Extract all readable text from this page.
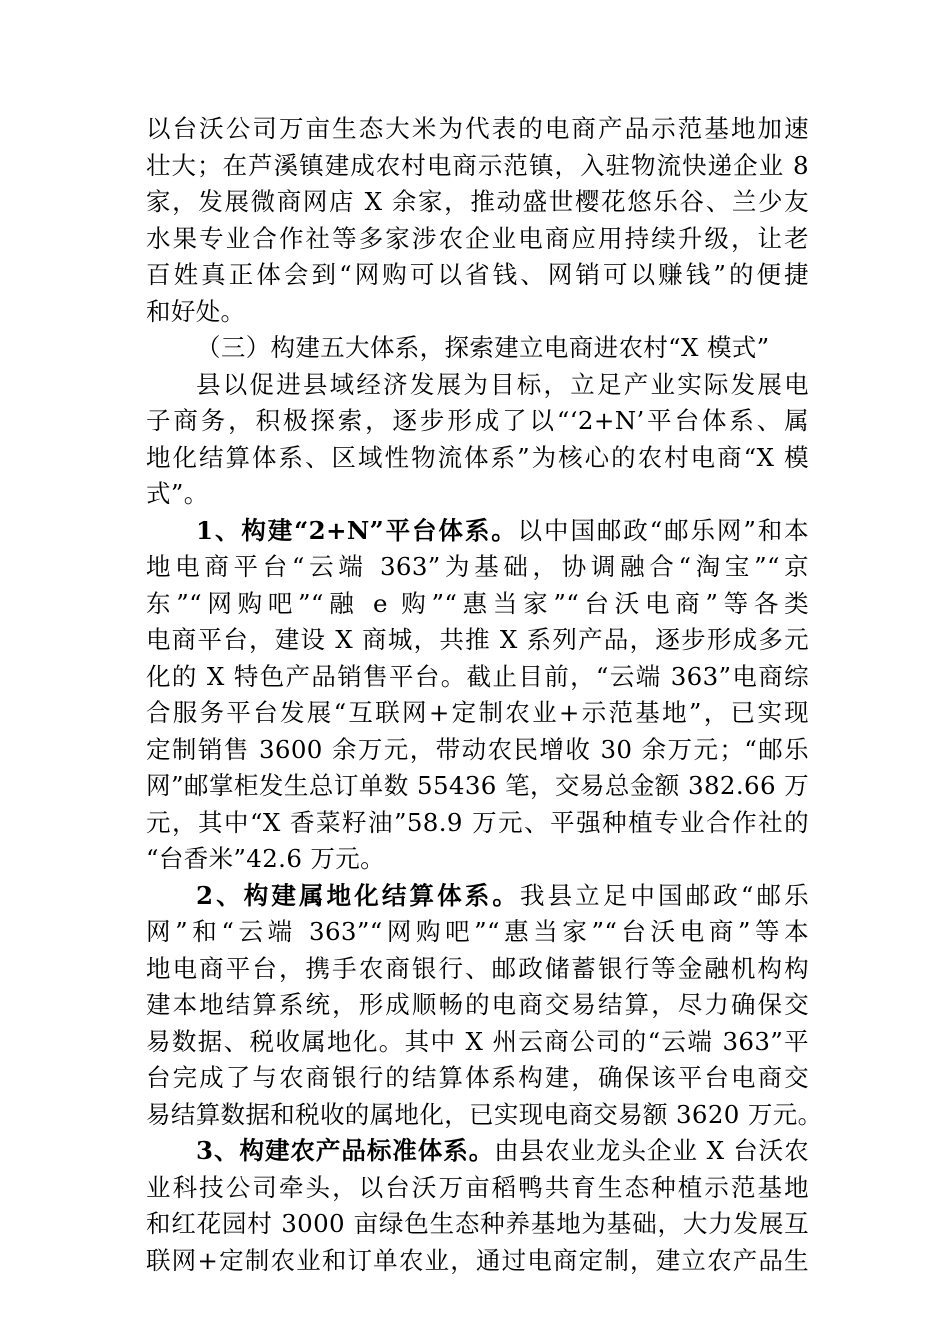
以台沃公司万亩生态大米为代表的电商产品示范基地加速
壮大；在芦溪镇建成农村电商示范镇，入驻物流快递企业 8
家，发展微商网店 X 余家，推动盛世樱花悠乐谷、兰少友
水果专业合作社等多家涉农企业电商应用持续升级，让老
百姓真正体会到“网购可以省钱、网销可以赚钱”的便捷
和好处。
（三）构建五大体系，探索建立电商进农村“X 模式”
县以促进县域经济发展为目标，立足产业实际发展电
子商务，积极探索，逐步形成了以“‘2+N’平台体系、属
地化结算体系、区域性物流体系”为核心的农村电商“X 模
式”。
1、构建“2+N”平台体系。以中国邮政“邮乐网”和本
地电商平台“云端 363”为基础，协调融合“淘宝”“京
东”“网购吧”“融 e 购”“惠当家”“台沃电商”等各类
电商平台，建设 X 商城，共推 X 系列产品，逐步形成多元
化的 X 特色产品销售平台。截止目前，“云端 363”电商综
合服务平台发展“互联网+定制农业+示范基地”，已实现
定制销售 3600 余万元，带动农民增收 30 余万元；“邮乐
网”邮掌柜发生总订单数 55436 笔，交易总金额 382.66 万
元，其中“X 香菜籽油”58.9 万元、平强种植专业合作社的
“台香米”42.6 万元。
2、构建属地化结算体系。我县立足中国邮政“邮乐
网”和“云端 363”“网购吧”“惠当家”“台沃电商”等本
地电商平台，携手农商银行、邮政储蓄银行等金融机构构
建本地结算系统，形成顺畅的电商交易结算，尽力确保交
易数据、税收属地化。其中 X 州云商公司的“云端 363”平
台完成了与农商银行的结算体系构建，确保该平台电商交
易结算数据和税收的属地化，已实现电商交易额 3620 万元。
3、构建农产品标准体系。由县农业龙头企业 X 台沃农
业科技公司牵头，以台沃万亩稻鸭共育生态种植示范基地
和红花园村 3000 亩绿色生态种养基地为基础，大力发展互
联网+定制农业和订单农业，通过电商定制，建立农产品生
